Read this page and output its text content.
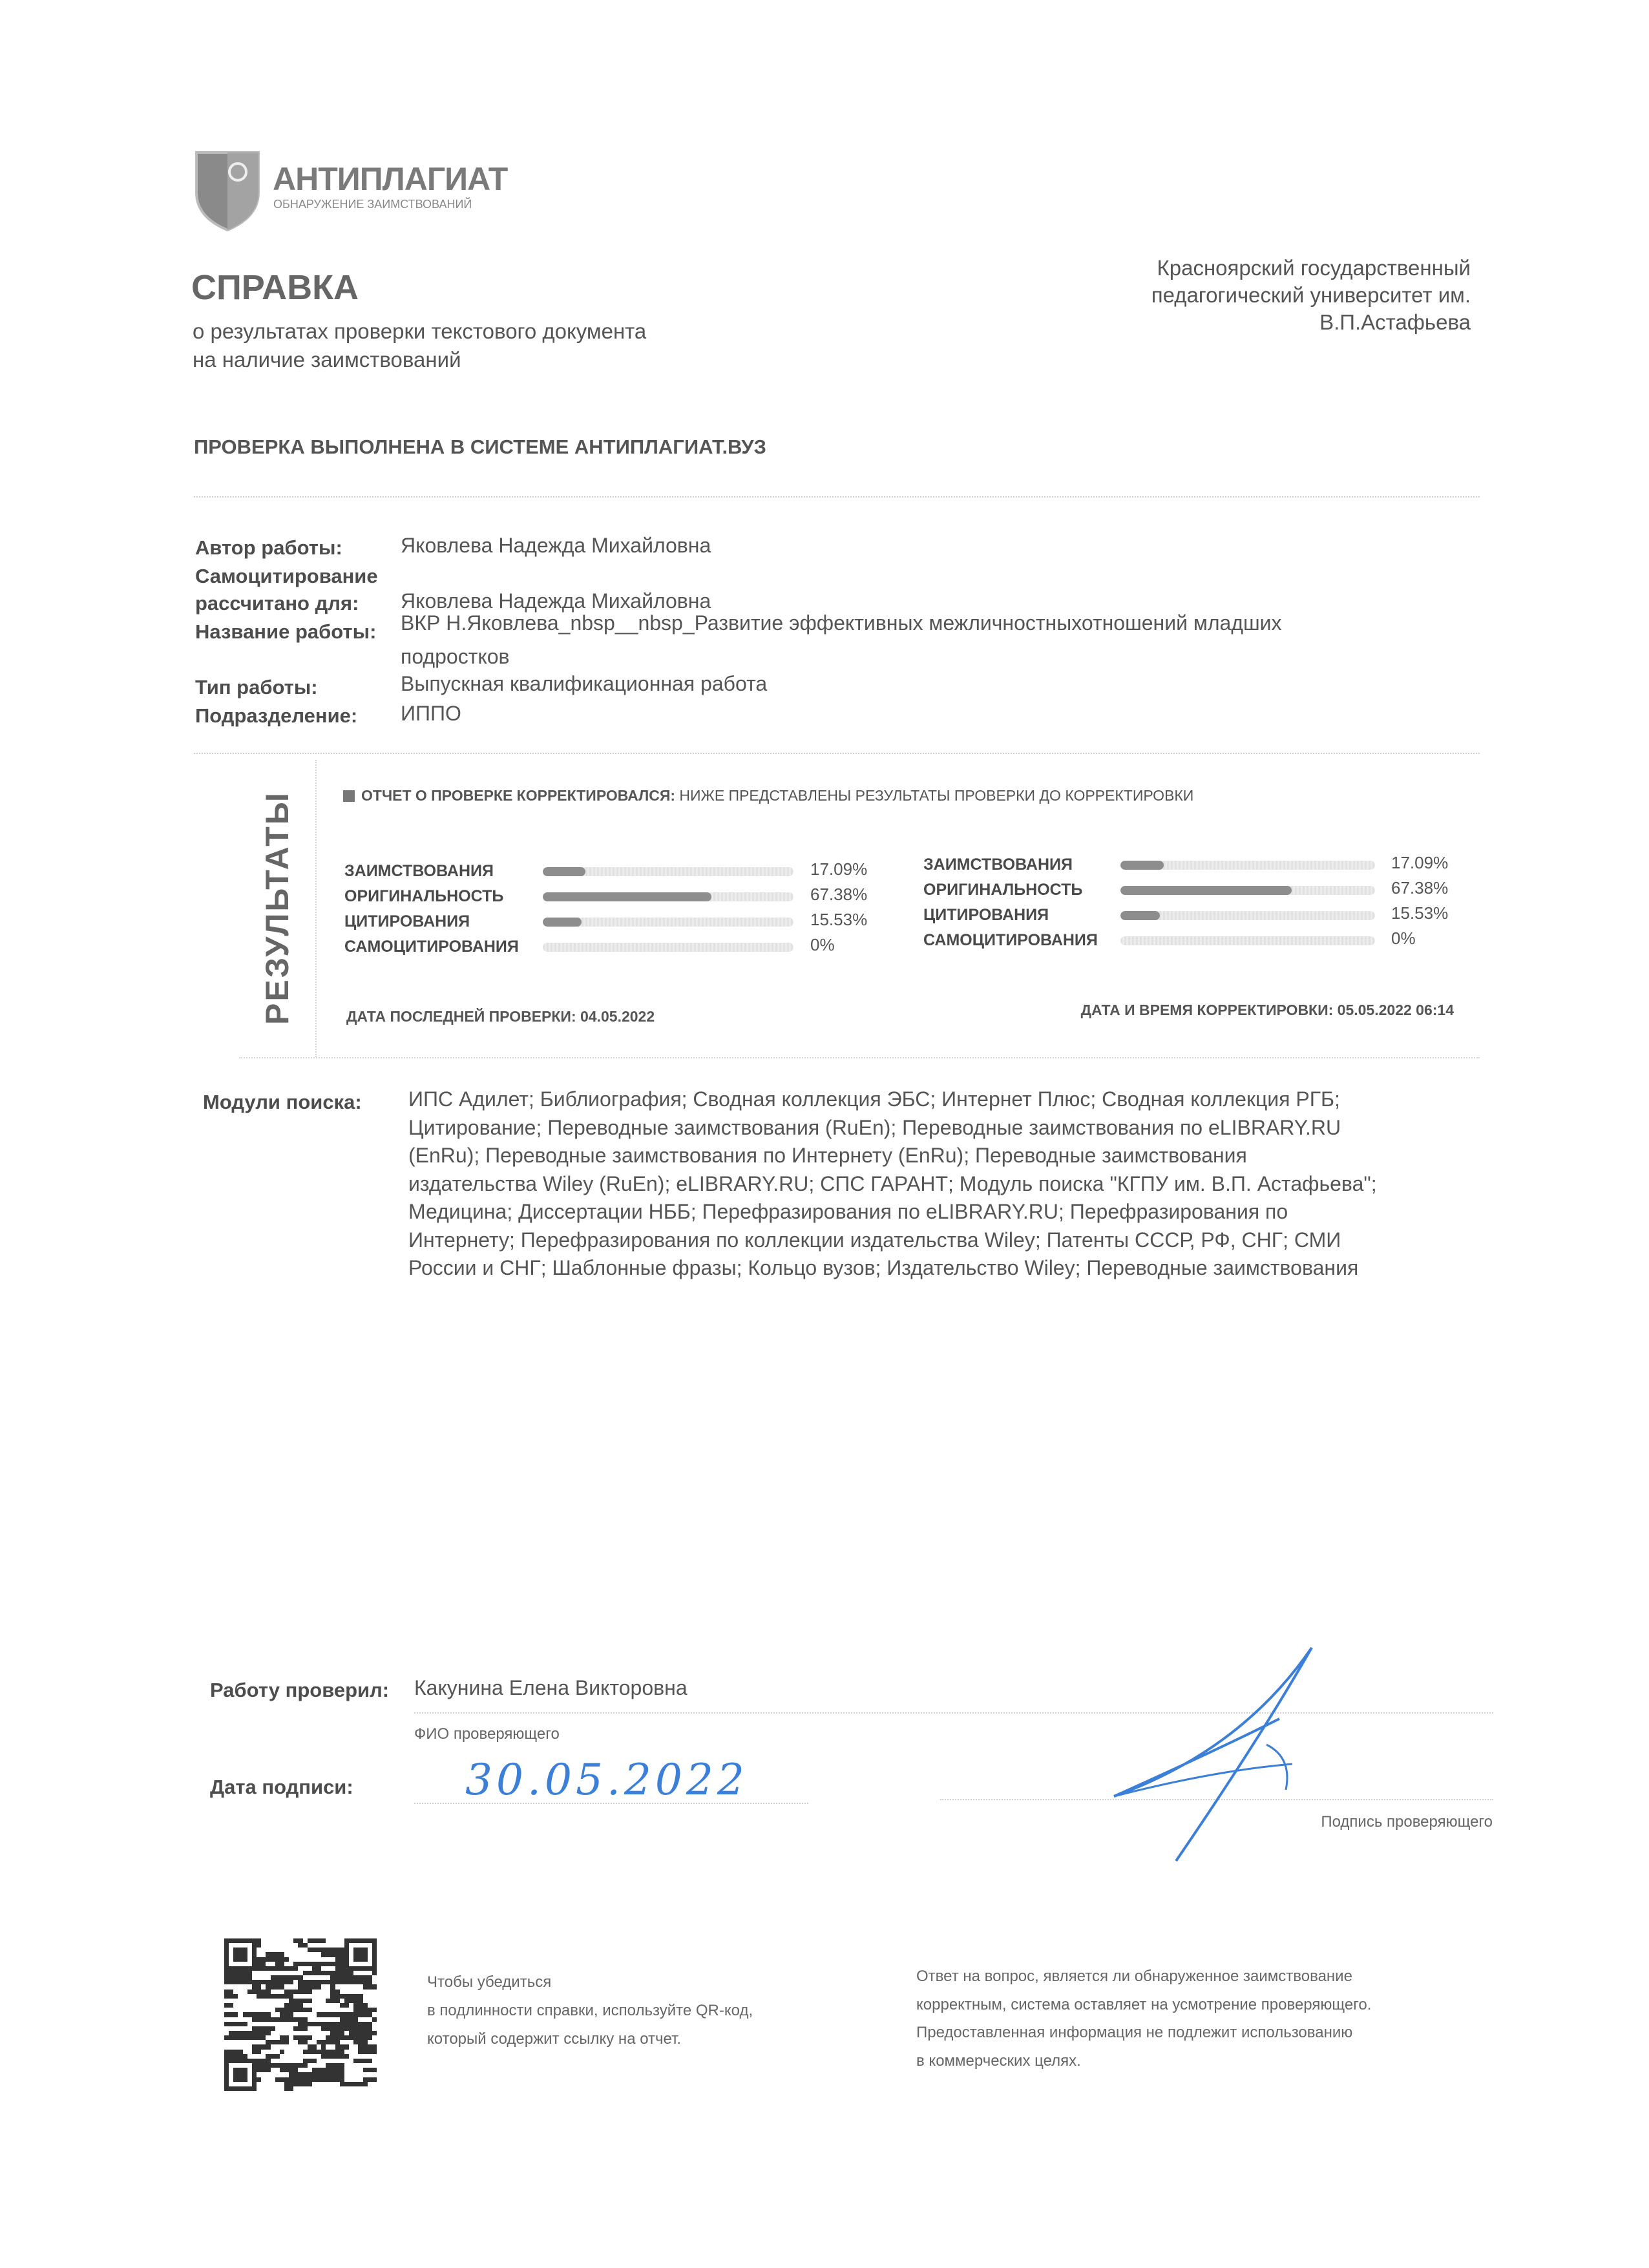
АНТИПЛАГИАТ
ОБНАРУЖЕНИЕ ЗАИМСТВОВАНИЙ
СПРАВКА
о результатах проверки текстового документа
на наличие заимствований
Красноярский государственный
педагогический университет им.
В.П.Астафьева
ПРОВЕРКА ВЫПОЛНЕНА В СИСТЕМЕ АНТИПЛАГИАТ.ВУЗ
Автор работы:	Яковлева Надежда Михайловна
Самоцитирование
рассчитано для: Яковлева Надежда Михайловна
Название работы: ВКР Н.Яковлева_nbsp__nbsp_Развитие эффективных межличностныхотношений младших
подростков
Тип работы:	Выпускная квалификационная работа
Подразделение: ИППО
РЕЗУЛЬТАТЫ	ОТЧЕТ О ПРОВЕРКЕ КОРРЕКТИРОВАЛСЯ: НИЖЕ ПРЕДСТАВЛЕНЫ РЕЗУЛЬТАТЫ ПРОВЕРКИ ДО КОРРЕКТИРОВКИ
ЗАИМСТВОВАНИЯ	17.09%
ОРИГИНАЛЬНОСТЬ	67.38%
ЦИТИРОВАНИЯ	15.53%
САМОЦИТИРОВАНИЯ	0%
ЗАИМСТВОВАНИЯ	17.09%
ОРИГИНАЛЬНОСТЬ	67.38%
ЦИТИРОВАНИЯ	15.53%
САМОЦИТИРОВАНИЯ	0%
ДАТА ПОСЛЕДНЕЙ ПРОВЕРКИ: 04.05.2022	ДАТА И ВРЕМЯ КОРРЕКТИРОВКИ: 05.05.2022 06:14
Модули поиска: ИПС Адилет; Библиография; Сводная коллекция ЭБС; Интернет Плюс; Сводная коллекция РГБ;
Цитирование; Переводные заимствования (RuEn); Переводные заимствования по eLIBRARY.RU
(EnRu); Переводные заимствования по Интернету (EnRu); Переводные заимствования
издательства Wiley (RuEn); eLIBRARY.RU; СПС ГАРАНТ; Модуль поиска "КГПУ им. В.П. Астафьева";
Медицина; Диссертации НББ; Перефразирования по eLIBRARY.RU; Перефразирования по
Интернету; Перефразирования по коллекции издательства Wiley; Патенты СССР, РФ, СНГ; СМИ
России и СНГ; Шаблонные фразы; Кольцо вузов; Издательство Wiley; Переводные заимствования
Работу проверил: Какунина Елена Викторовна
ФИО проверяющего
Дата подписи:	30.05.2022
Подпись проверяющего
Чтобы убедиться
в подлинности справки, используйте QR-код,
который содержит ссылку на отчет.
Ответ на вопрос, является ли обнаруженное заимствование
корректным, система оставляет на усмотрение проверяющего.
Предоставленная информация не подлежит использованию
в коммерческих целях.
